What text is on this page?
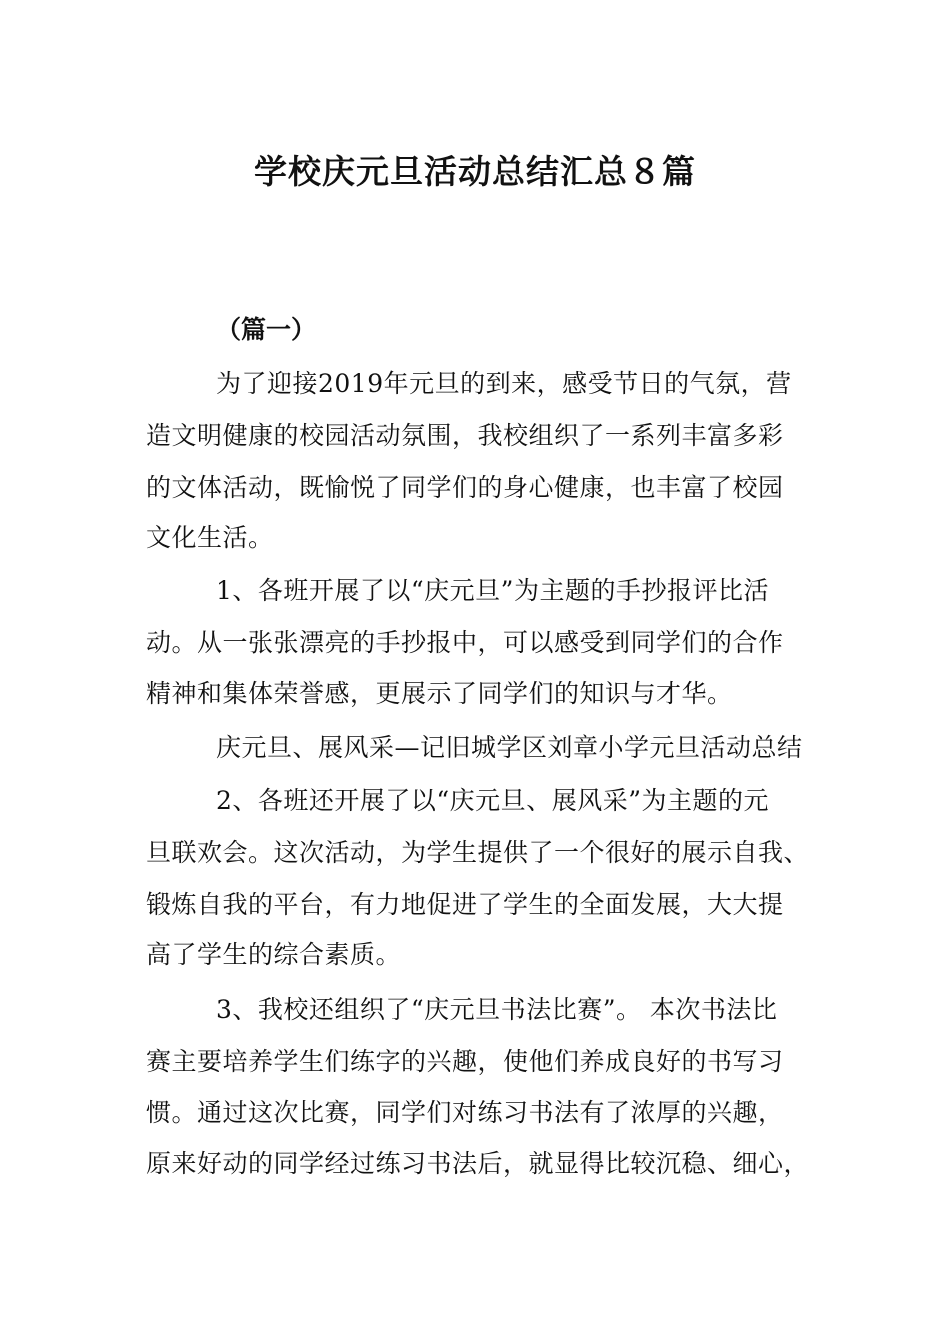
学校庆元旦活动总结汇总８篇
（篇一）
为了迎接2019年元旦的到来，感受节日的气氛，营
造文明健康的校园活动氛围，我校组织了一系列丰富多彩
的文体活动，既愉悦了同学们的身心健康，也丰富了校园
文化生活。
1、各班开展了以“庆元旦”为主题的手抄报评比活
动。从一张张漂亮的手抄报中，可以感受到同学们的合作
精神和集体荣誉感，更展示了同学们的知识与才华。
庆元旦、展风采—记旧城学区刘章小学元旦活动总结
2、各班还开展了以“庆元旦、展风采”为主题的元
旦联欢会。这次活动，为学生提供了一个很好的展示自我、
锻炼自我的平台，有力地促进了学生的全面发展，大大提
高了学生的综合素质。
3、我校还组织了“庆元旦书法比赛”。 本次书法比
赛主要培养学生们练字的兴趣，使他们养成良好的书写习
惯。通过这次比赛，同学们对练习书法有了浓厚的兴趣，
原来好动的同学经过练习书法后，就显得比较沉稳、细心，
